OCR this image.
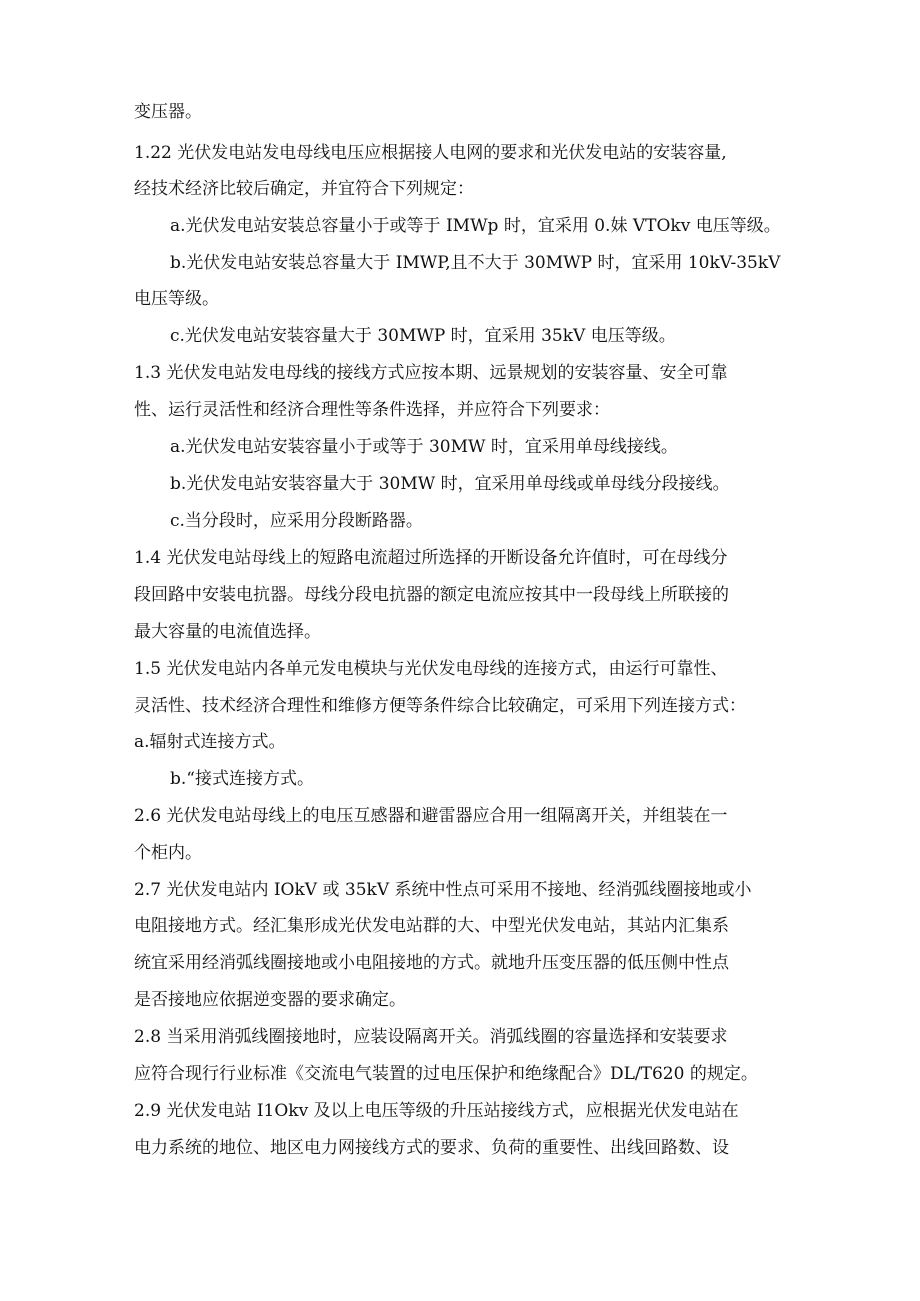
变压器。
1.22 光伏发电站发电母线电压应根据接人电网的要求和光伏发电站的安装容量,
经技术经济比较后确定，并宜符合下列规定：
a.光伏发电站安装总容量小于或等于 IMWp 时，宜采用 0.妹 VTOkv 电压等级。
b.光伏发电站安装总容量大于 IMWP,且不大于 30MWP 时，宜采用 10kV-35kV
电压等级。
c.光伏发电站安装容量大于 30MWP 时，宜采用 35kV 电压等级。
1.3 光伏发电站发电母线的接线方式应按本期、远景规划的安装容量、安全可靠
性、运行灵活性和经济合理性等条件选择，并应符合下列要求：
a.光伏发电站安装容量小于或等于 30MW 时，宜采用单母线接线。
b.光伏发电站安装容量大于 30MW 时，宜采用单母线或单母线分段接线。
c.当分段时，应采用分段断路器。
1.4 光伏发电站母线上的短路电流超过所选择的开断设备允许值时，可在母线分
段回路中安装电抗器。母线分段电抗器的额定电流应按其中一段母线上所联接的
最大容量的电流值选择。
1.5 光伏发电站内各单元发电模块与光伏发电母线的连接方式，由运行可靠性、
灵活性、技术经济合理性和维修方便等条件综合比较确定，可采用下列连接方式：
a.辐射式连接方式。
b.“接式连接方式。
2.6 光伏发电站母线上的电压互感器和避雷器应合用一组隔离开关，并组装在一
个柜内。
2.7 光伏发电站内 IOkV 或 35kV 系统中性点可采用不接地、经消弧线圈接地或小
电阻接地方式。经汇集形成光伏发电站群的大、中型光伏发电站，其站内汇集系
统宜采用经消弧线圈接地或小电阻接地的方式。就地升压变压器的低压侧中性点
是否接地应依据逆变器的要求确定。
2.8 当采用消弧线圈接地时，应装设隔离开关。消弧线圈的容量选择和安装要求
应符合现行行业标准《交流电气装置的过电压保护和绝缘配合》DL/T620 的规定。
2.9 光伏发电站 I1Okv 及以上电压等级的升压站接线方式，应根据光伏发电站在
电力系统的地位、地区电力网接线方式的要求、负荷的重要性、出线回路数、设
